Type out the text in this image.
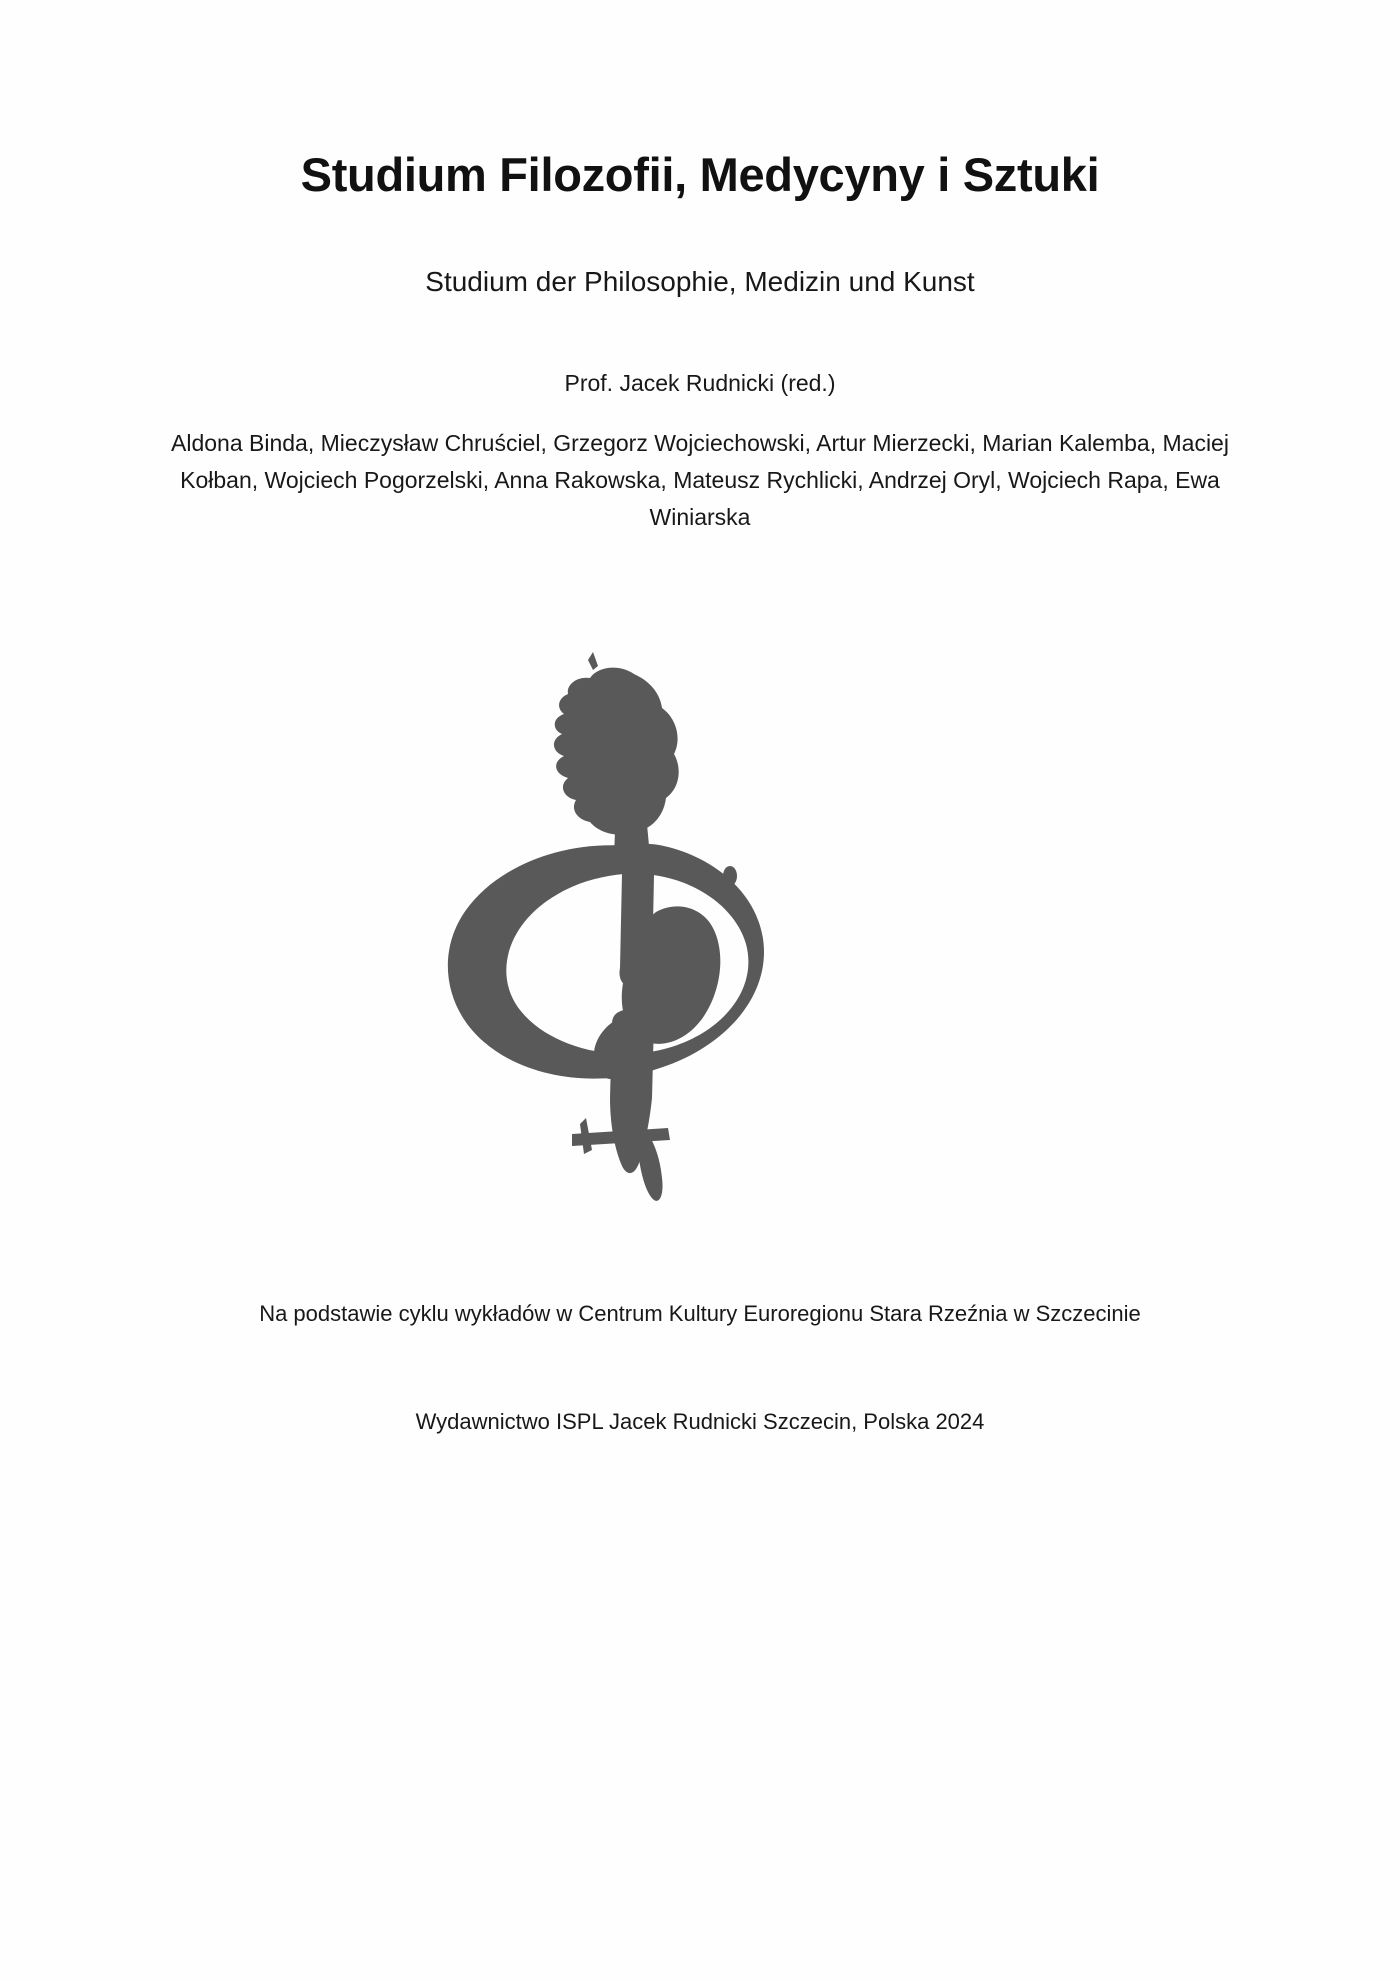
Studium Filozofii, Medycyny i Sztuki
Studium der Philosophie, Medizin und Kunst
Prof. Jacek Rudnicki (red.)
Aldona Binda, Mieczysław Chruściel, Grzegorz Wojciechowski, Artur Mierzecki, Marian Kalemba, Maciej Kołban, Wojciech Pogorzelski, Anna Rakowska, Mateusz Rychlicki, Andrzej Oryl, Wojciech Rapa, Ewa Winiarska
Na podstawie cyklu wykładów w Centrum Kultury Euroregionu Stara Rzeźnia w Szczecinie
Wydawnictwo ISPL Jacek Rudnicki Szczecin, Polska 2024
